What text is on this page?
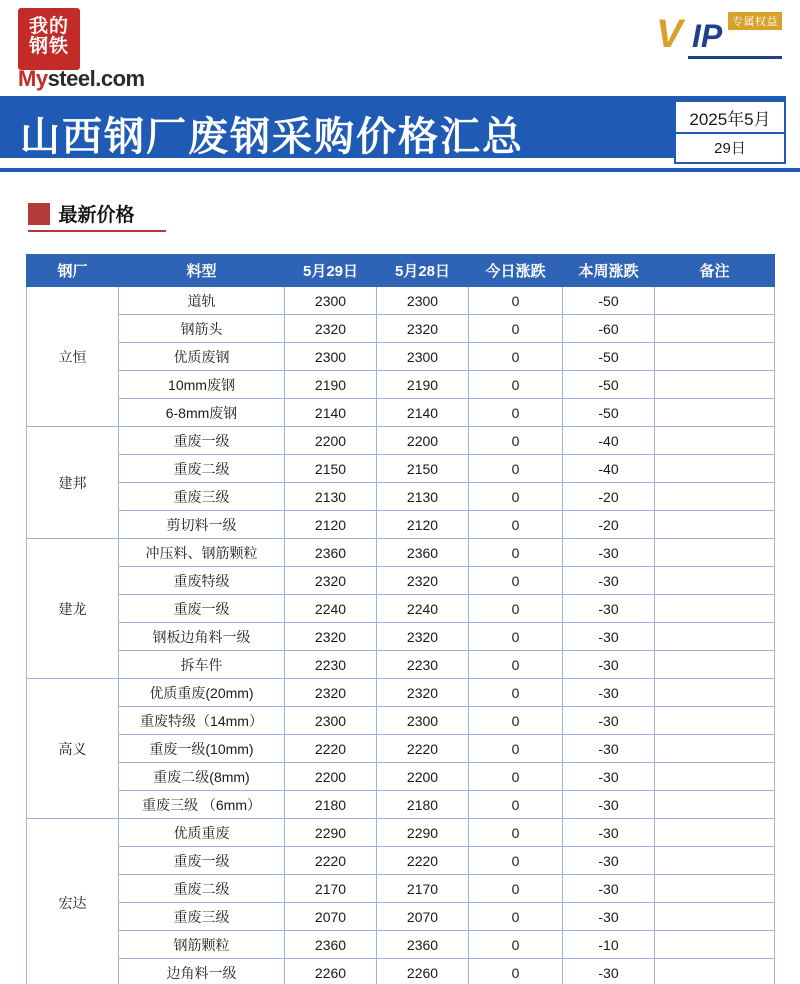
我的
钢铁
Mysteel.com
V IP 专属权益
山西钢厂废钢采购价格汇总	2025年5月
29日
最新价格
钢厂	料型	5月29日	5月28日	今日涨跌	本周涨跌	备注
立恒	道轨	2300	2300	0	-50	
	钢筋头	2320	2320	0	-60	
	优质废钢	2300	2300	0	-50	
	10mm废钢	2190	2190	0	-50	
	6-8mm废钢	2140	2140	0	-50	
建邦	重废一级	2200	2200	0	-40	
	重废二级	2150	2150	0	-40	
	重废三级	2130	2130	0	-20	
	剪切料一级	2120	2120	0	-20	
建龙	冲压料、钢筋颗粒	2360	2360	0	-30	
	重废特级	2320	2320	0	-30	
	重废一级	2240	2240	0	-30	
	钢板边角料一级	2320	2320	0	-30	
	拆车件	2230	2230	0	-30	
高义	优质重废(20mm)	2320	2320	0	-30	
	重废特级（14mm）	2300	2300	0	-30	
	重废一级(10mm)	2220	2220	0	-30	
	重废二级(8mm)	2200	2200	0	-30	
	重废三级 （6mm）	2180	2180	0	-30	
宏达	优质重废	2290	2290	0	-30	
	重废一级	2220	2220	0	-30	
	重废二级	2170	2170	0	-30	
	重废三级	2070	2070	0	-30	
	钢筋颗粒	2360	2360	0	-10	
	边角料一级	2260	2260	0	-30	
